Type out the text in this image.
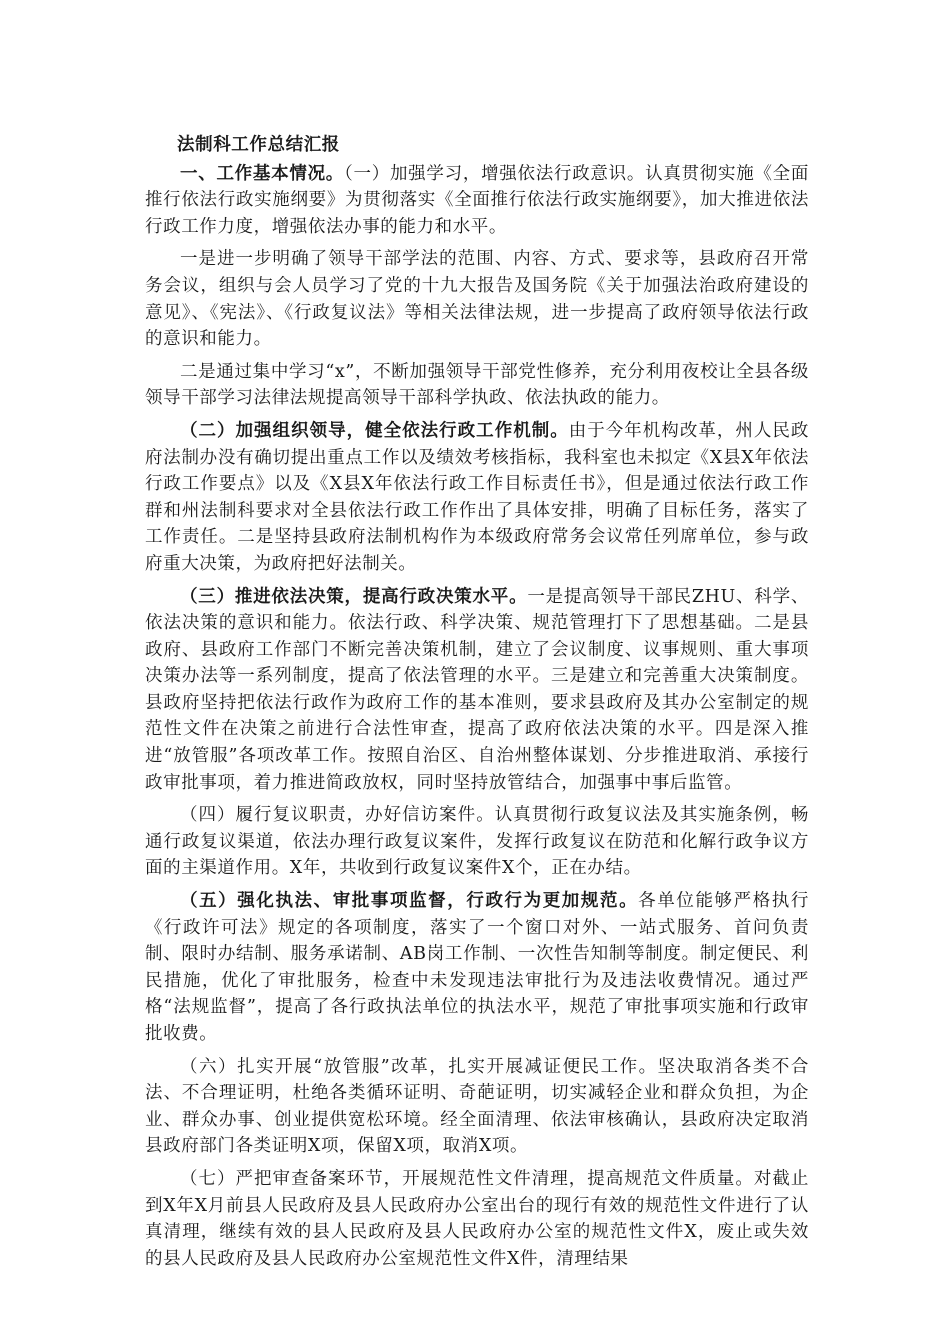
法制科工作总结汇报

一、工作基本情况。（一）加强学习，增强依法行政意识。认真贯彻实施《全面推行依法行政实施纲要》为贯彻落实《全面推行依法行政实施纲要》，加大推进依法行政工作力度，增强依法办事的能力和水平。

一是进一步明确了领导干部学法的范围、内容、方式、要求等，县政府召开常务会议，组织与会人员学习了党的十九大报告及国务院《关于加强法治政府建设的意见》、《宪法》、《行政复议法》等相关法律法规，进一步提高了政府领导依法行政的意识和能力。

二是通过集中学习“x”，不断加强领导干部党性修养，充分利用夜校让全县各级领导干部学习法律法规提高领导干部科学执政、依法执政的能力。

（二）加强组织领导，健全依法行政工作机制。由于今年机构改革，州人民政府法制办没有确切提出重点工作以及绩效考核指标，我科室也未拟定《X县X年依法行政工作要点》以及《X县X年依法行政工作目标责任书》，但是通过依法行政工作群和州法制科要求对全县依法行政工作作出了具体安排，明确了目标任务，落实了工作责任。二是坚持县政府法制机构作为本级政府常务会议常任列席单位，参与政府重大决策，为政府把好法制关。

（三）推进依法决策，提高行政决策水平。一是提高领导干部民ZHU、科学、依法决策的意识和能力。依法行政、科学决策、规范管理打下了思想基础。二是县政府、县政府工作部门不断完善决策机制，建立了会议制度、议事规则、重大事项决策办法等一系列制度，提高了依法管理的水平。三是建立和完善重大决策制度。县政府坚持把依法行政作为政府工作的基本准则，要求县政府及其办公室制定的规范性文件在决策之前进行合法性审查，提高了政府依法决策的水平。四是深入推进“放管服”各项改革工作。按照自治区、自治州整体谋划、分步推进取消、承接行政审批事项，着力推进简政放权，同时坚持放管结合，加强事中事后监管。

（四）履行复议职责，办好信访案件。认真贯彻行政复议法及其实施条例，畅通行政复议渠道，依法办理行政复议案件，发挥行政复议在防范和化解行政争议方面的主渠道作用。X年，共收到行政复议案件X个，正在办结。

（五）强化执法、审批事项监督，行政行为更加规范。各单位能够严格执行《行政许可法》规定的各项制度，落实了一个窗口对外、一站式服务、首问负责制、限时办结制、服务承诺制、AB岗工作制、一次性告知制等制度。制定便民、利民措施，优化了审批服务，检查中未发现违法审批行为及违法收费情况。通过严格“法规监督”，提高了各行政执法单位的执法水平，规范了审批事项实施和行政审批收费。

（六）扎实开展“放管服”改革，扎实开展减证便民工作。坚决取消各类不合法、不合理证明，杜绝各类循环证明、奇葩证明，切实减轻企业和群众负担，为企业、群众办事、创业提供宽松环境。经全面清理、依法审核确认，县政府决定取消县政府部门各类证明X项，保留X项，取消X项。

（七）严把审查备案环节，开展规范性文件清理，提高规范文件质量。对截止到X年X月前县人民政府及县人民政府办公室出台的现行有效的规范性文件进行了认真清理，继续有效的县人民政府及县人民政府办公室的规范性文件X，废止或失效的县人民政府及县人民政府办公室规范性文件X件，清理结果
